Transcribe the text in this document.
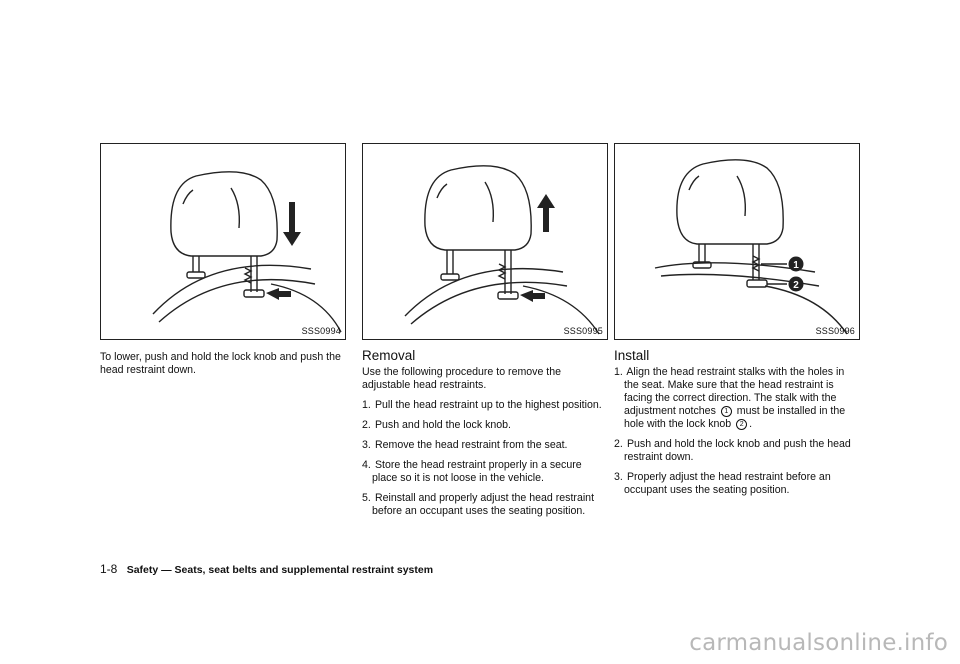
SSS0994

To lower, push and hold the lock knob and push the head restraint down.

SSS0995
Removal

Use the following procedure to remove the adjustable head restraints.

1. Pull the head restraint up to the highest position.
2. Push and hold the lock knob.
3. Remove the head restraint from the seat.
4. Store the head restraint properly in a secure place so it is not loose in the vehicle.
5. Reinstall and properly adjust the head restraint before an occupant uses the seating position.
1
2
SSS0996
Install
1. Align the head restraint stalks with the holes in the seat. Make sure that the head restraint is facing the correct direction. The stalk with the adjustment notches 1 must be installed in the hole with the lock knob 2 .
2. Push and hold the lock knob and push the head restraint down.
3. Properly adjust the head restraint before an occupant uses the seating position.
1-8 Safety — Seats, seat belts and supplemental restraint system
carmanualsonline.info
